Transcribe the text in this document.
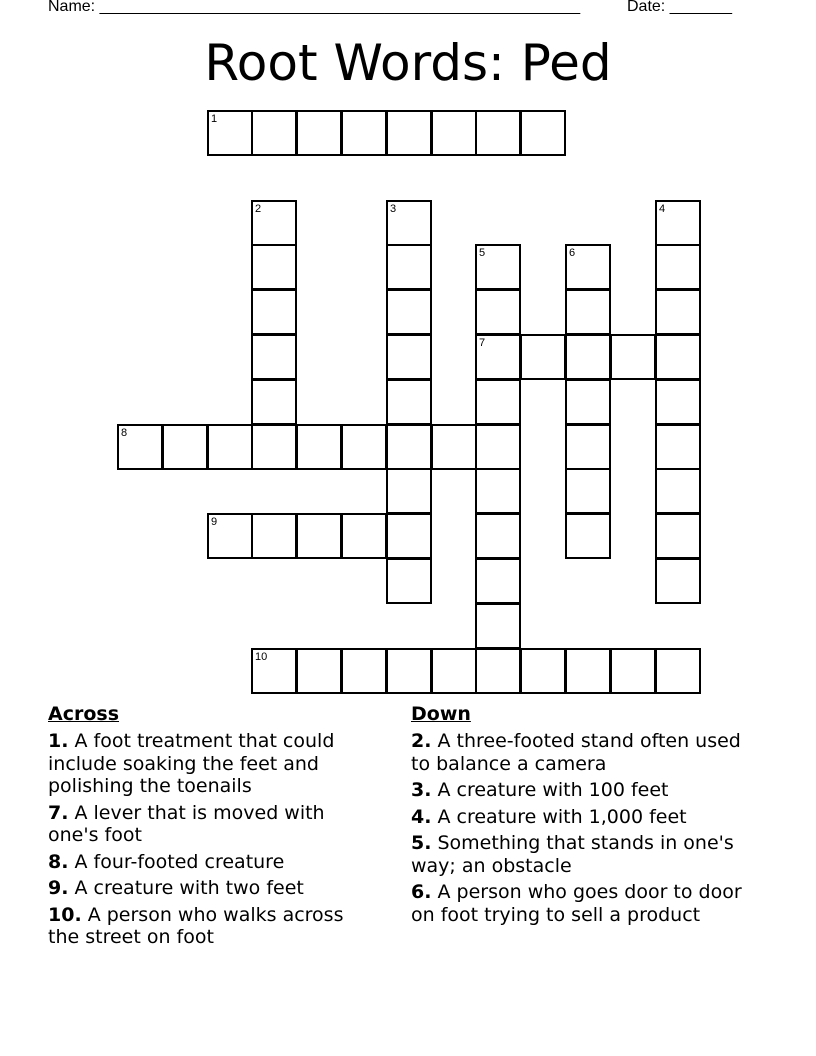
Name: ______________________________________________________	Date: _______
Root Words: Ped
1
2	3	4
5
7
6
8
9
10
Across
1. A foot treatment that could include soaking the feet and polishing the toenails
7. A lever that is moved with one's foot
8. A four-footed creature
9. A creature with two feet
10. A person who walks across the street on foot
Down
2. A three-footed stand often used to balance a camera
3. A creature with 100 feet
4. A creature with 1,000 feet
5. Something that stands in one's way; an obstacle
6. A person who goes door to door on foot trying to sell a product
